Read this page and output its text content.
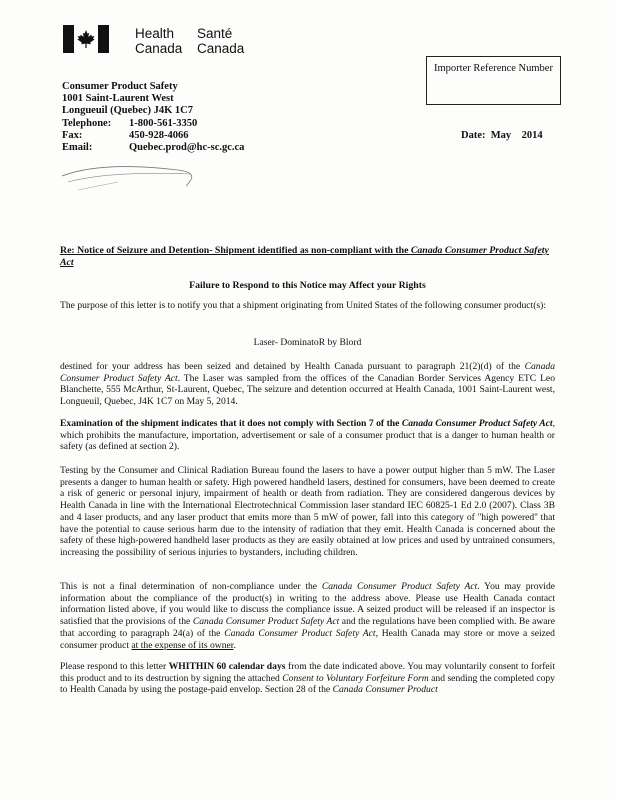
Health
Canada
Santé
Canada
Importer Reference Number
Consumer Product Safety
1001 Saint-Laurent West
Longueuil (Quebec) J4K 1C7
Telephone: 1-800-561-3350
Fax:	450-928-4066
Email:	Quebec.prod@hc-sc.gc.ca
Date: May 2014
Re: Notice of Seizure and Detention- Shipment identified as non-compliant with the Canada Consumer Product Safety Act
Failure to Respond to this Notice may Affect your Rights
The purpose of this letter is to notify you that a shipment originating from United States of the following consumer product(s):
Laser- DominatoR by Blord
destined for your address has been seized and detained by Health Canada pursuant to paragraph 21(2)(d) of the Canada Consumer Product Safety Act. The Laser was sampled from the offices of the Canadian Border Services Agency ETC Leo Blanchette, 555 McArthur, St-Laurent, Quebec, The seizure and detention occurred at Health Canada, 1001 Saint-Laurent west, Longueuil, Quebec, J4K 1C7 on May 5, 2014.
Examination of the shipment indicates that it does not comply with Section 7 of the Canada Consumer Product Safety Act, which prohibits the manufacture, importation, advertisement or sale of a consumer product that is a danger to human health or safety (as defined at section 2).
Testing by the Consumer and Clinical Radiation Bureau found the lasers to have a power output higher than 5 mW. The Laser presents a danger to human health or safety. High powered handheld lasers, destined for consumers, have been deemed to create a risk of generic or personal injury, impairment of health or death from radiation. They are considered dangerous devices by Health Canada in line with the International Electrotechnical Commission laser standard IEC 60825-1 Ed 2.0 (2007). Class 3B and 4 laser products, and any laser product that emits more than 5 mW of power, fall into this category of ''high powered'' that have the potential to cause serious harm due to the intensity of radiation that they emit. Health Canada is concerned about the safety of these high-powered handheld laser products as they are easily obtained at low prices and used by untrained consumers, increasing the possibility of serious injuries to bystanders, including children.
This is not a final determination of non-compliance under the Canada Consumer Product Safety Act. You may provide information about the compliance of the product(s) in writing to the address above. Please use Health Canada contact information listed above, if you would like to discuss the compliance issue. A seized product will be released if an inspector is satisfied that the provisions of the Canada Consumer Product Safety Act and the regulations have been complied with. Be aware that according to paragraph 24(a) of the Canada Consumer Product Safety Act, Health Canada may store or move a seized consumer product at the expense of its owner.
Please respond to this letter WHITHIN 60 calendar days from the date indicated above. You may voluntarily consent to forfeit this product and to its destruction by signing the attached Consent to Voluntary Forfeiture Form and sending the completed copy to Health Canada by using the postage-paid envelop. Section 28 of the Canada Consumer Product
